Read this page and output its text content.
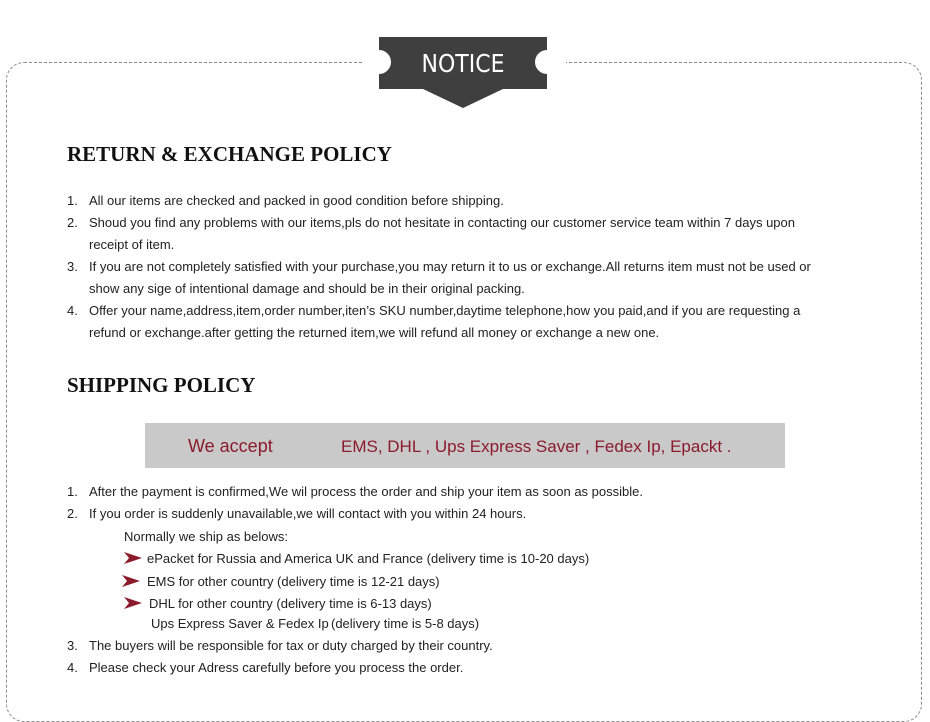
NOTICE
RETURN & EXCHANGE POLICY
1. All our items are checked and packed in good condition before shipping.
2. Shoud you find any problems with our items,pls do not hesitate in contacting our customer service team within 7 days upon
receipt of item.
3. If you are not completely satisfied with your purchase,you may return it to us or exchange.All returns item must not be used or
show any sige of intentional damage and should be in their original packing.
4. Offer your name,address,item,order number,iten’s SKU number,daytime telephone,how you paid,and if you are requesting a
refund or exchange.after getting the returned item,we will refund all money or exchange a new one.
SHIPPING POLICY
We accept	EMS, DHL , Ups Express Saver , Fedex Ip, Epackt .
1. After the payment is confirmed,We wil process the order and ship your item as soon as possible.
2. If you order is suddenly unavailable,we will contact with you within 24 hours.
Normally we ship as belows:
ePacket for Russia and America UK and France (delivery time is 10-20 days)
EMS for other country (delivery time is 12-21 days)
DHL for other country (delivery time is 6-13 days)
Ups Express Saver & Fedex Ip (delivery time is 5-8 days)
3. The buyers will be responsible for tax or duty charged by their country.
4. Please check your Adress carefully before you process the order.
